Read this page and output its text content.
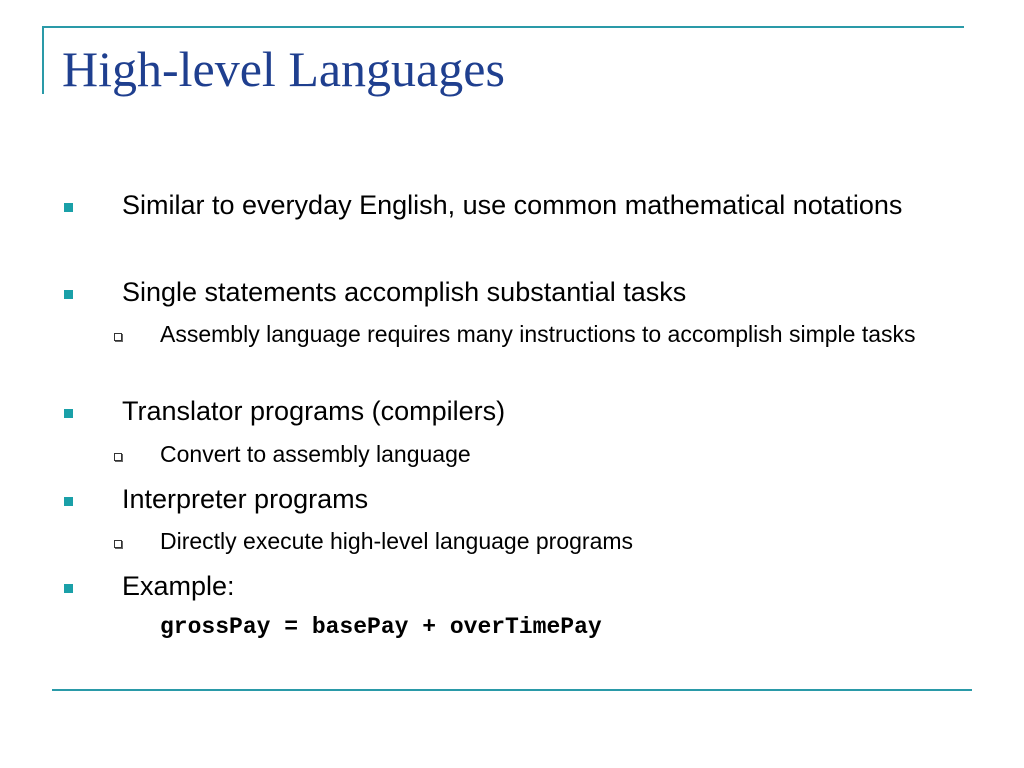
High-level Languages

Similar to everyday English, use common mathematical notations

Single statements accomplish substantial tasks

Assembly language requires many instructions to accomplish simple tasks

Translator programs (compilers)

Convert to assembly language

Interpreter programs

Directly execute high-level language programs

Example:

grossPay = basePay + overTimePay
